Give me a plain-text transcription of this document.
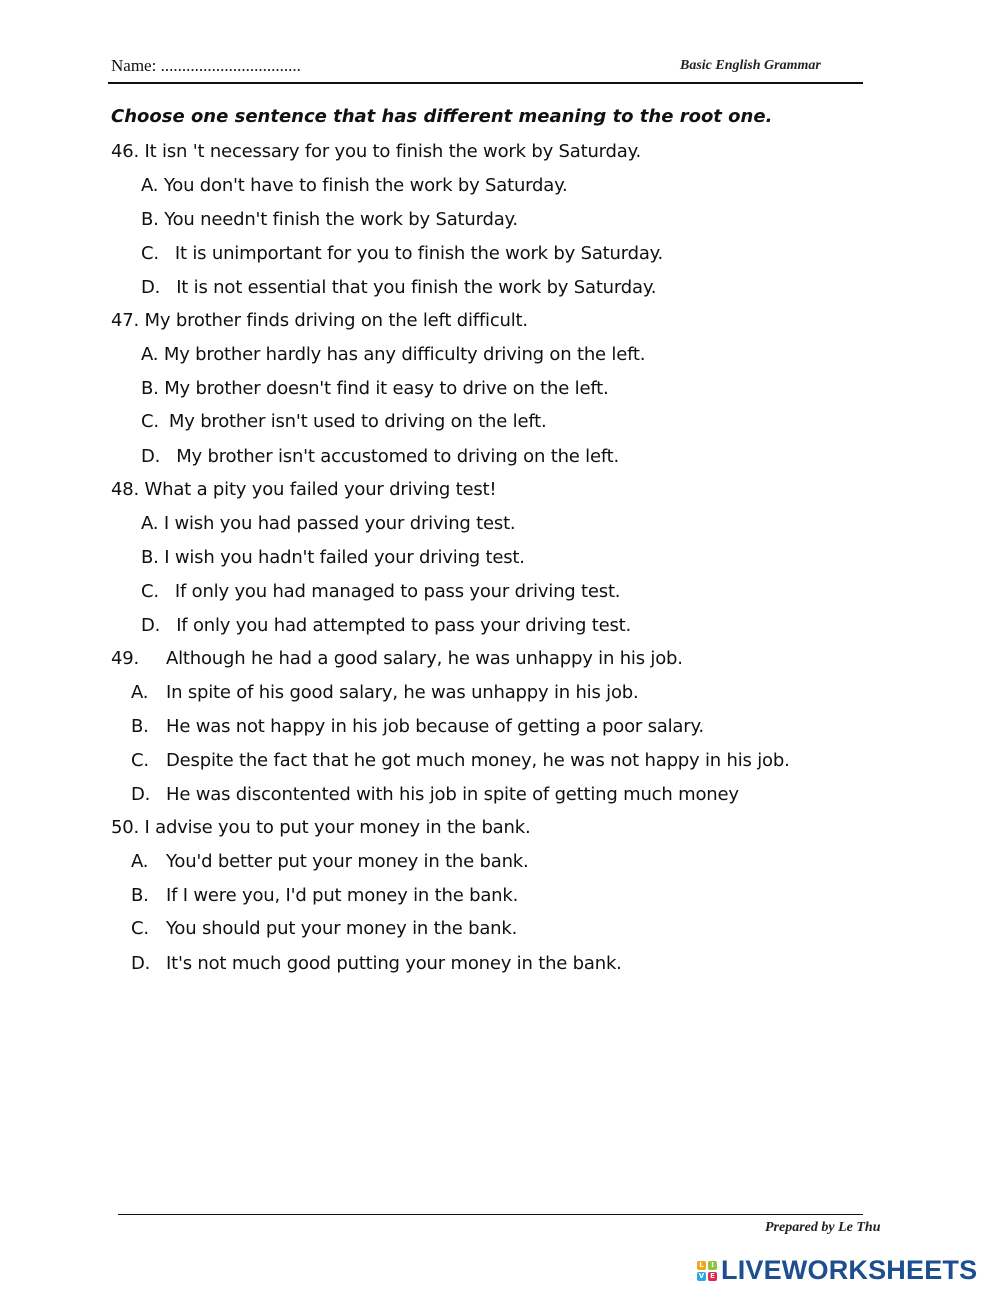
Name: .................................	Basic English Grammar
Choose one sentence that has different meaning to the root one.
46. It isn 't necessary for you to finish the work by Saturday.
A. You don't have to finish the work by Saturday.
B. You needn't finish the work by Saturday.
C. It is unimportant for you to finish the work by Saturday.
D. It is not essential that you finish the work by Saturday.
47. My brother finds driving on the left difficult.
A. My brother hardly has any difficulty driving on the left.
B. My brother doesn't find it easy to drive on the left.
C. My brother isn't used to driving on the left.
D. My brother isn't accustomed to driving on the left.
48. What a pity you failed your driving test!
A. I wish you had passed your driving test.
B. I wish you hadn't failed your driving test.
C. If only you had managed to pass your driving test.
D. If only you had attempted to pass your driving test.
49. Although he had a good salary, he was unhappy in his job.
A. In spite of his good salary, he was unhappy in his job.
B. He was not happy in his job because of getting a poor salary.
C. Despite the fact that he got much money, he was not happy in his job.
D. He was discontented with his job in spite of getting much money
50. I advise you to put your money in the bank.
A. You'd better put your money in the bank.
B. If I were you, I'd put money in the bank.
C. You should put your money in the bank.
D. It's not much good putting your money in the bank.
Prepared by Le Thu
L	I
V E LIVEWORKSHEETS
